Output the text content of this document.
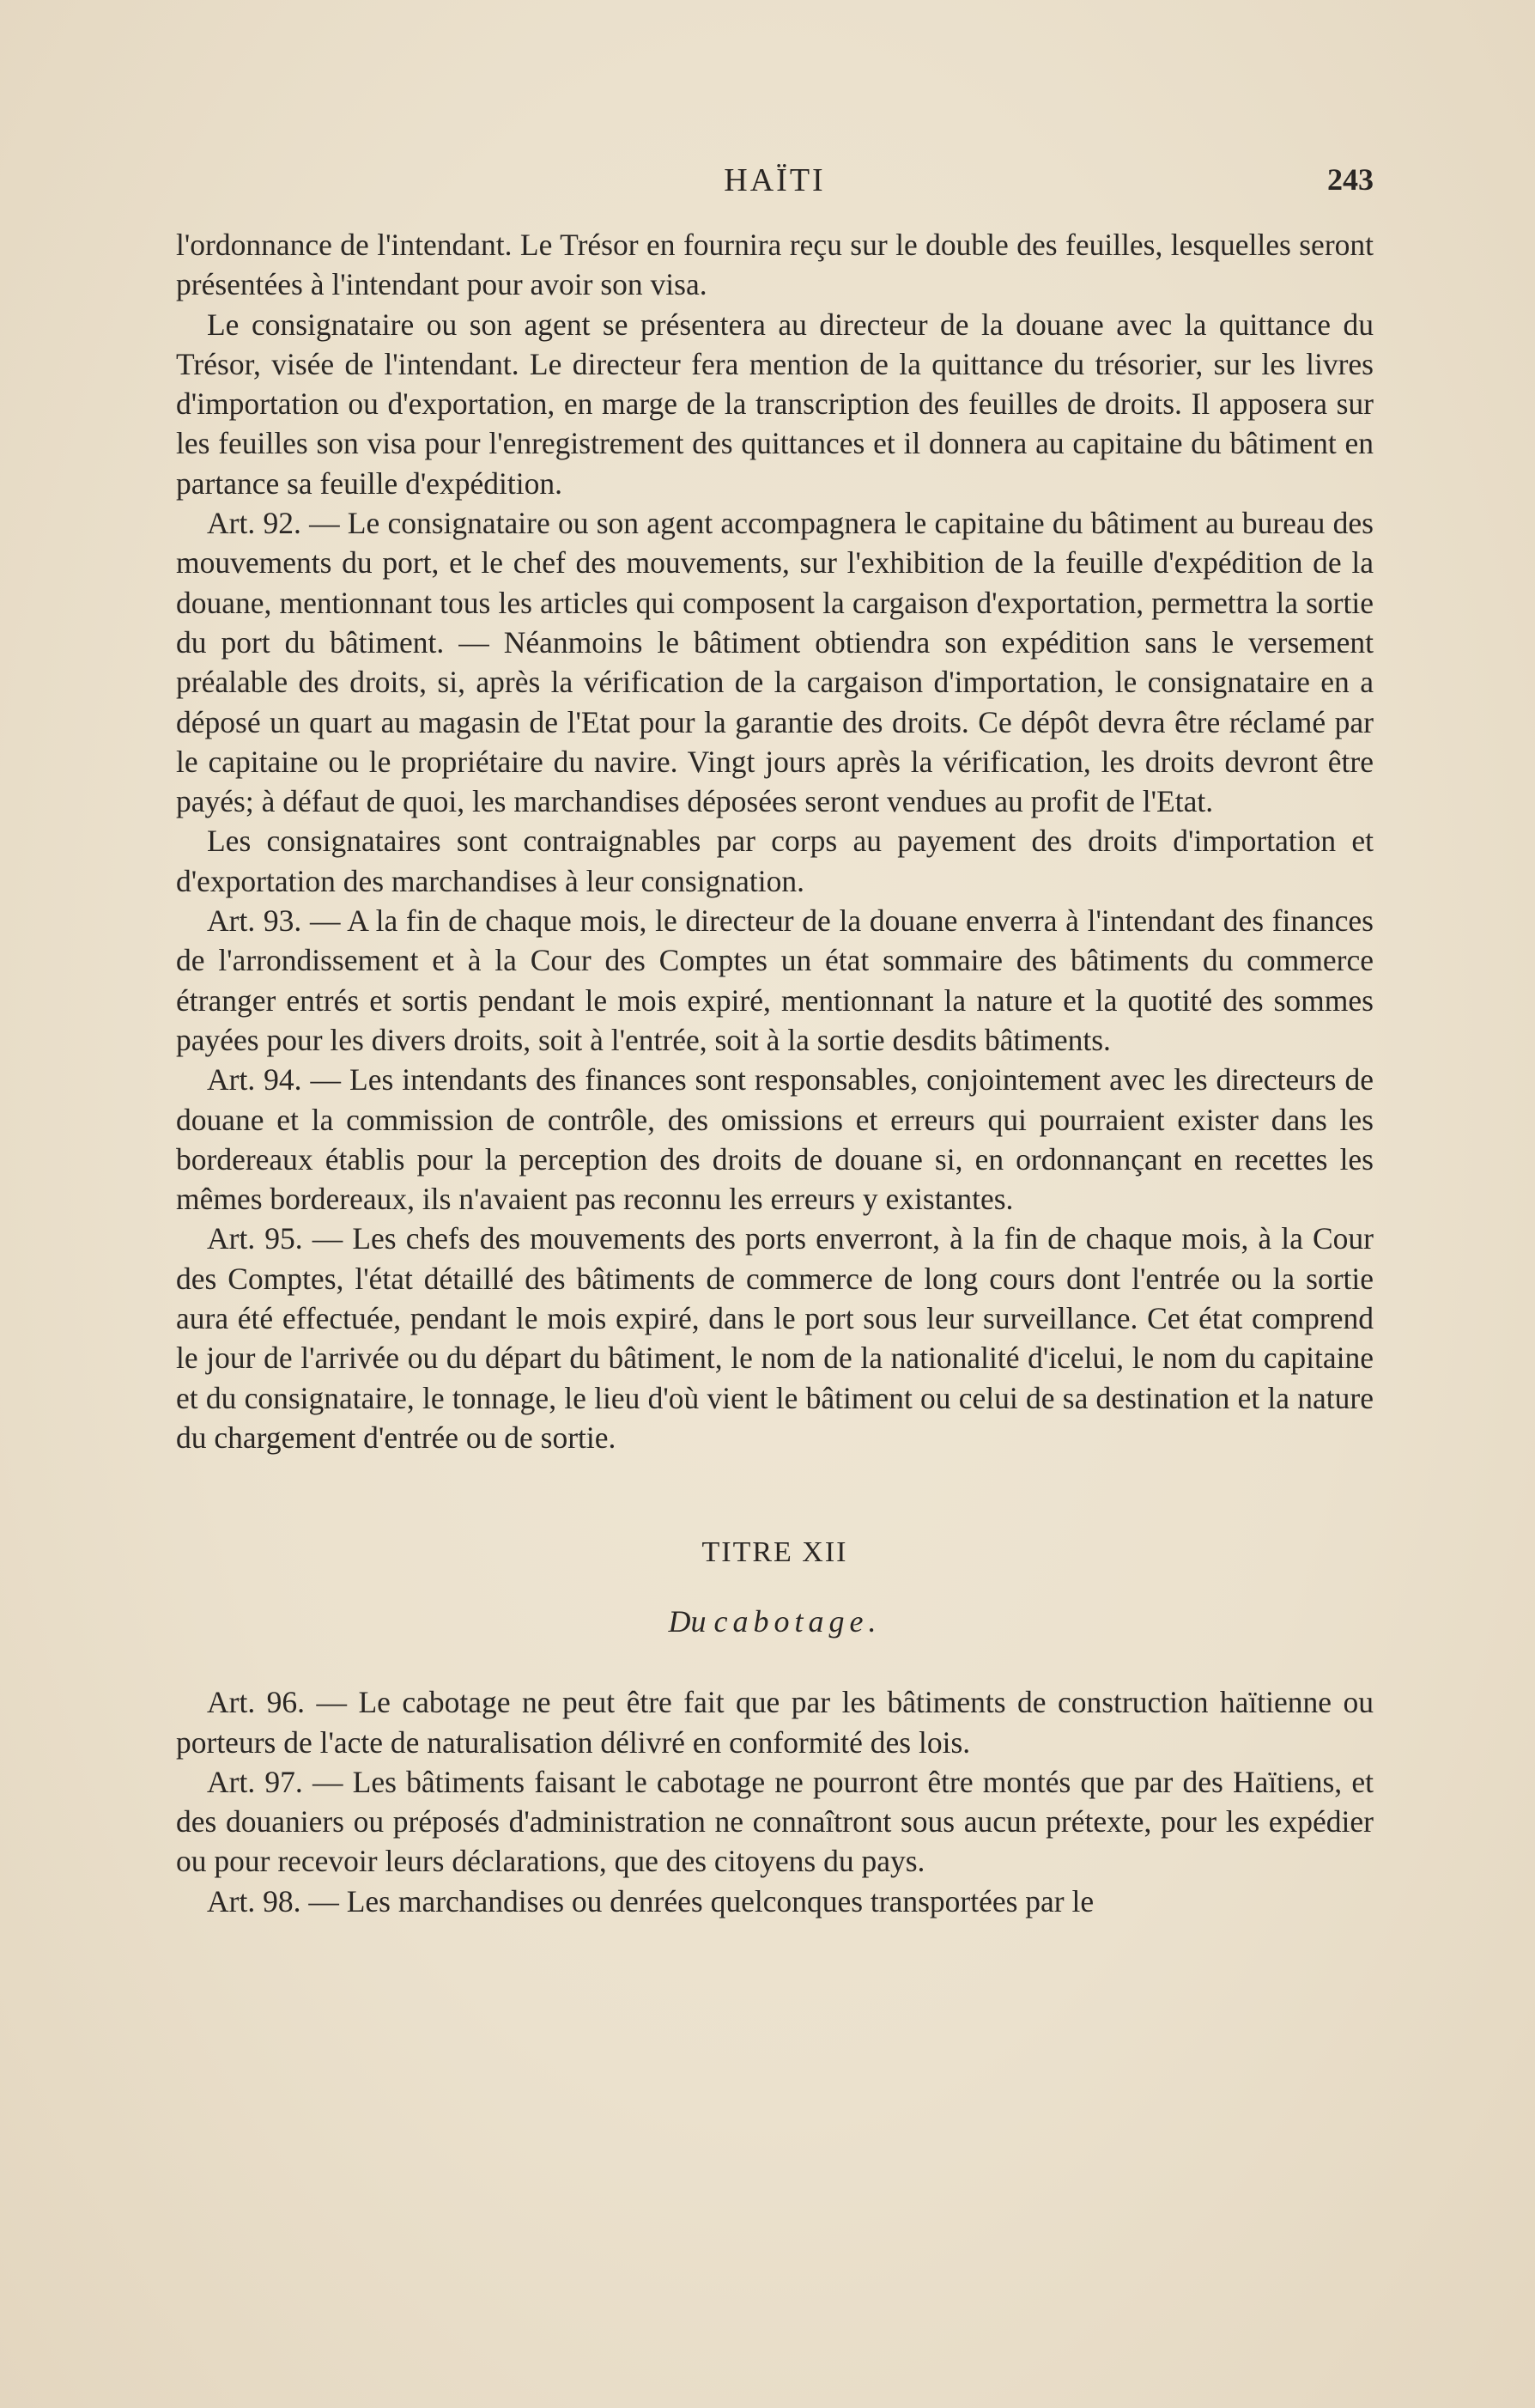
HAÏTI	243

l'ordonnance de l'intendant. Le Trésor en fournira reçu sur le double des feuilles, lesquelles seront présentées à l'intendant pour avoir son visa.

Le consignataire ou son agent se présentera au directeur de la douane avec la quittance du Trésor, visée de l'intendant. Le directeur fera mention de la quittance du trésorier, sur les livres d'importation ou d'exportation, en marge de la transcription des feuilles de droits. Il apposera sur les feuilles son visa pour l'enregistrement des quittances et il donnera au capitaine du bâtiment en partance sa feuille d'expédition.

Art. 92. — Le consignataire ou son agent accompagnera le capitaine du bâtiment au bureau des mouvements du port, et le chef des mouvements, sur l'exhibition de la feuille d'expédition de la douane, mentionnant tous les articles qui composent la cargaison d'exportation, permettra la sortie du port du bâtiment. — Néanmoins le bâtiment obtiendra son expédition sans le versement préalable des droits, si, après la vérification de la cargaison d'importation, le consignataire en a déposé un quart au magasin de l'Etat pour la garantie des droits. Ce dépôt devra être réclamé par le capitaine ou le propriétaire du navire. Vingt jours après la vérification, les droits devront être payés; à défaut de quoi, les marchandises déposées seront vendues au profit de l'Etat.

Les consignataires sont contraignables par corps au payement des droits d'importation et d'exportation des marchandises à leur consignation.

Art. 93. — A la fin de chaque mois, le directeur de la douane enverra à l'intendant des finances de l'arrondissement et à la Cour des Comptes un état sommaire des bâtiments du commerce étranger entrés et sortis pendant le mois expiré, mentionnant la nature et la quotité des sommes payées pour les divers droits, soit à l'entrée, soit à la sortie desdits bâtiments.

Art. 94. — Les intendants des finances sont responsables, conjointement avec les directeurs de douane et la commission de contrôle, des omissions et erreurs qui pourraient exister dans les bordereaux établis pour la perception des droits de douane si, en ordonnançant en recettes les mêmes bordereaux, ils n'avaient pas reconnu les erreurs y existantes.

Art. 95. — Les chefs des mouvements des ports enverront, à la fin de chaque mois, à la Cour des Comptes, l'état détaillé des bâtiments de commerce de long cours dont l'entrée ou la sortie aura été effectuée, pendant le mois expiré, dans le port sous leur surveillance. Cet état comprend le jour de l'arrivée ou du départ du bâtiment, le nom de la nationalité d'icelui, le nom du capitaine et du consignataire, le tonnage, le lieu d'où vient le bâtiment ou celui de sa destination et la nature du chargement d'entrée ou de sortie.

TITRE XII
Du cabotage.

Art. 96. — Le cabotage ne peut être fait que par les bâtiments de construction haïtienne ou porteurs de l'acte de naturalisation délivré en conformité des lois.

Art. 97. — Les bâtiments faisant le cabotage ne pourront être montés que par des Haïtiens, et des douaniers ou préposés d'administration ne connaîtront sous aucun prétexte, pour les expédier ou pour recevoir leurs déclarations, que des citoyens du pays.

Art. 98. — Les marchandises ou denrées quelconques transportées par le
